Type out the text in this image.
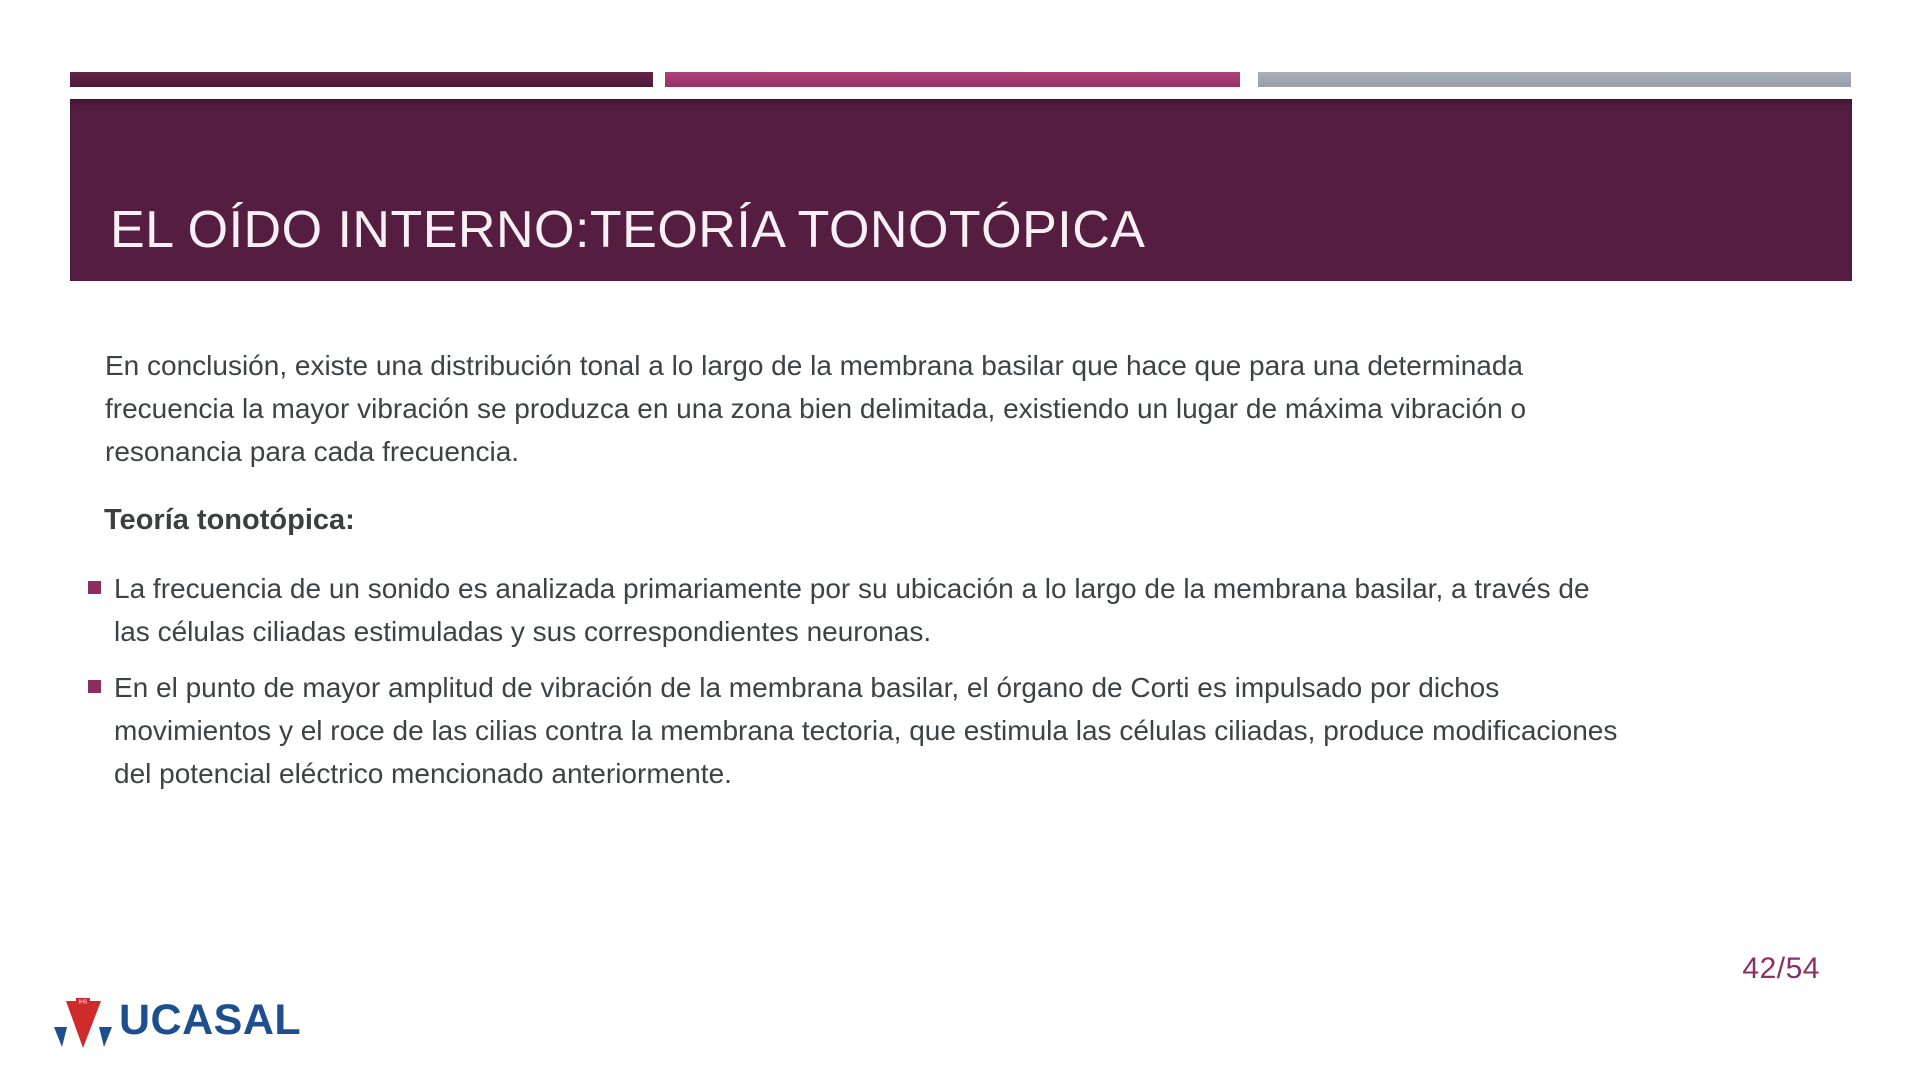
EL OÍDO INTERNO:TEORÍA TONOTÓPICA

En conclusión, existe una distribución tonal a lo largo de la membrana basilar que hace que para una determinada frecuencia la mayor vibración se produzca en una zona bien delimitada, existiendo un lugar de máxima vibración o resonancia para cada frecuencia.

Teoría tonotópica:

La frecuencia de un sonido es analizada primariamente por su ubicación a lo largo de la membrana basilar, a través de las células ciliadas estimuladas y sus correspondientes neuronas.
En el punto de mayor amplitud de vibración de la membrana basilar, el órgano de Corti es impulsado por dichos movimientos y el roce de las cilias contra la membrana tectoria, que estimula las células ciliadas, produce modificaciones del potencial eléctrico mencionado anteriormente.
42/54
IHS UCASAL
